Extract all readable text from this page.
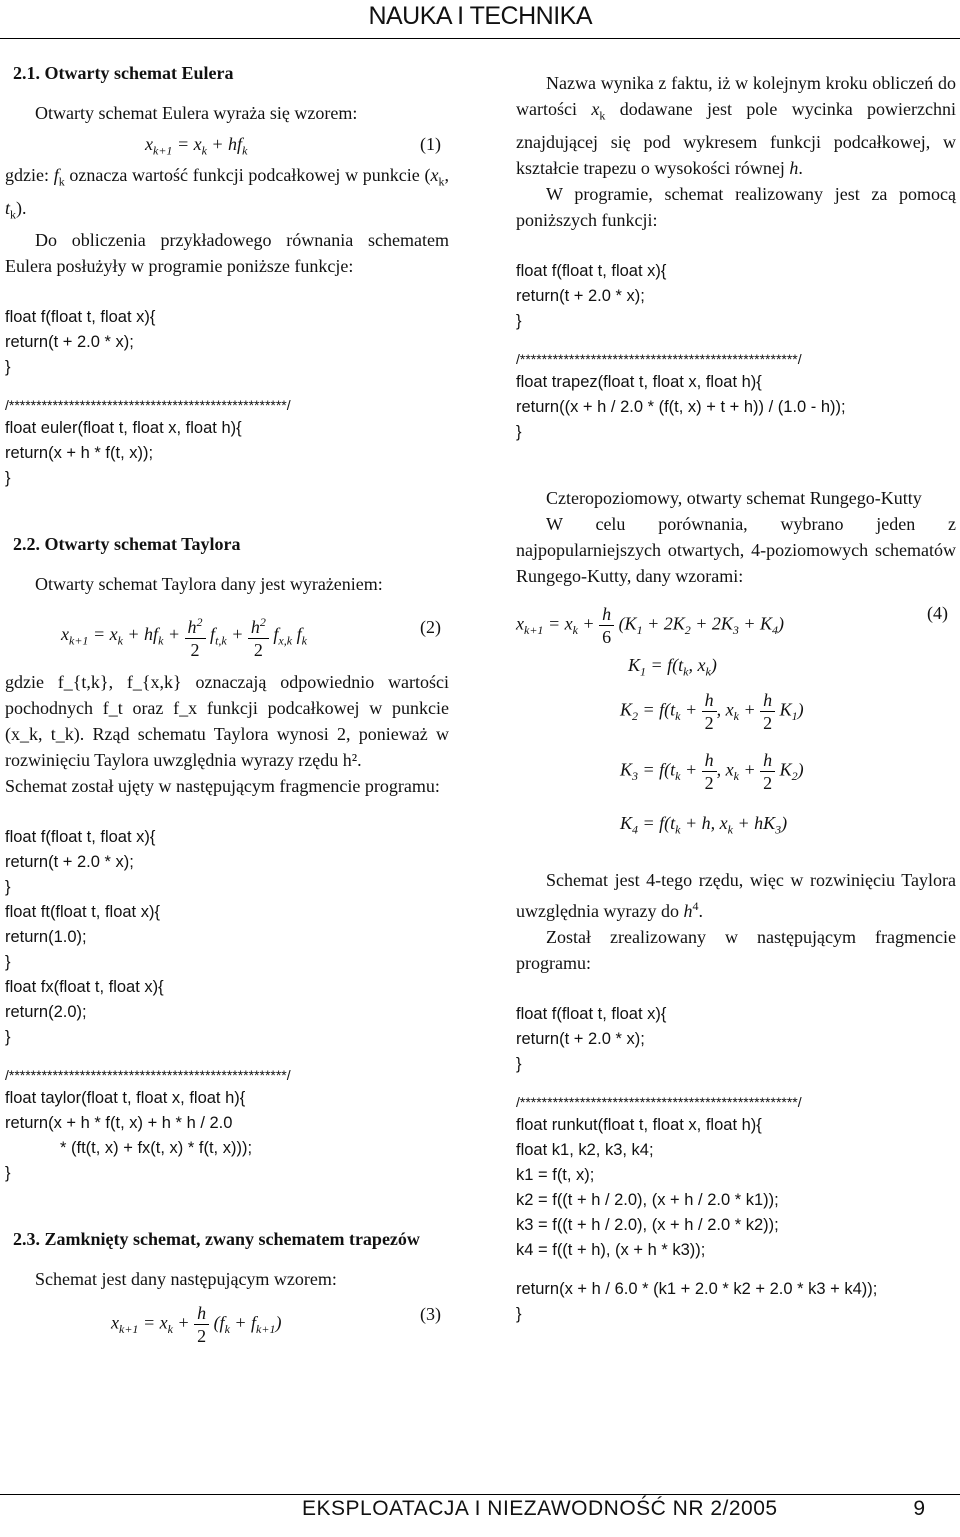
NAUKA I TECHNIKA

2.1. Otwarty schemat Eulera

Otwarty schemat Eulera wyraża się wzorem:

$x_{k+1} = x_k + hf_k$	(1)

gdzie: $f_k$ oznacza wartość funkcji podcałkowej w punkcie ($x_k$, $t_k$).

Do obliczenia przykładowego równania schematem Eulera posłużyły w programie poniższe funkcje:

float f(float t, float x){
return(t + 2.0 * x);
}
/***************************************************/
float euler(float t, float x, float h){
return(x + h * f(t, x));
}

2.2. Otwarty schemat Taylora

Otwarty schemat Taylora dany jest wyrażeniem:

$x_{k+1} = x_k + hf_k + \frac{h^2}{2} f_{t,k} + \frac{h^2}{2} f_{x,k}$ $f_k$
(2)

gdzie f_{t,k}, f_{x,k} oznaczają odpowiednio wartości pochodnych f_t oraz f_x funkcji podcałkowej w punkcie (x_k, t_k). Rząd schematu Taylora wynosi 2, ponieważ w rozwinięciu Taylora uwzględnia wyrazy rzędu h².

Schemat został ujęty w następującym fragmencie programu:

float f(float t, float x){
return(t + 2.0 * x);
}
float ft(float t, float x){
return(1.0);
}
float fx(float t, float x){
return(2.0);
}
/***************************************************/
float taylor(float t, float x, float h){
return(x + h * f(t, x) + h * h / 2.0
* (ft(t, x) + fx(t, x) * f(t, x)));
}

2.3. Zamknięty schemat, zwany schematem trapezów

Schemat jest dany następującym wzorem:

$x_{k+1} = x_k + \frac{h}{2} (f_k + f_{k+1})$	(3)

Nazwa wynika z faktu, iż w kolejnym kroku obliczeń do wartości $x_k$ dodawane jest pole wycinka powierzchni znajdującej się pod wykresem funkcji podcałkowej, w kształcie trapezu o wysokości równej h.

W programie, schemat realizowany jest za pomocą poniższych funkcji:

float f(float t, float x){
return(t + 2.0 * x);
}
/***************************************************/
float trapez(float t, float x, float h){
return((x + h / 2.0 * (f(t, x) + t + h)) / (1.0 - h));
}

Czteropoziomowy, otwarty schemat Rungego-Kutty

W celu porównania, wybrano jeden z najpopularniejszych otwartych, 4-poziomowych schematów Rungego-Kutty, dany wzorami:

$x_{k+1} = x_k + \frac{h}{6} (K_1 + 2K_2 + 2K_3 + K_4)$
(4)
$K_1 = f(t_k$, $x_k$)
$K_2 = f(t_k + \frac{h}{2}$ , $x_k + \frac{h}{2} K_1$)
$K_3 = f(t_k + \frac{h}{2}$ , $x_k + \frac{h}{2} K_2$)
$K_4 = f(t_k + h$, $x_k + hK_3$)

Schemat jest 4-tego rzędu, więc w rozwinięciu Taylora uwzględnia wyrazy do $h^4$.

Został zrealizowany w następującym fragmencie programu:

float f(float t, float x){
return(t + 2.0 * x);
}
/***************************************************/
float runkut(float t, float x, float h){
float k1, k2, k3, k4;
k1 = f(t, x);
k2 = f((t + h / 2.0), (x + h / 2.0 * k1));
k3 = f((t + h / 2.0), (x + h / 2.0 * k2));
k4 = f((t + h), (x + h * k3));
return(x + h / 6.0 * (k1 + 2.0 * k2 + 2.0 * k3 + k4));
}
EKSPLOATACJA I NIEZAWODNOŚĆ NR 2/2005	9
